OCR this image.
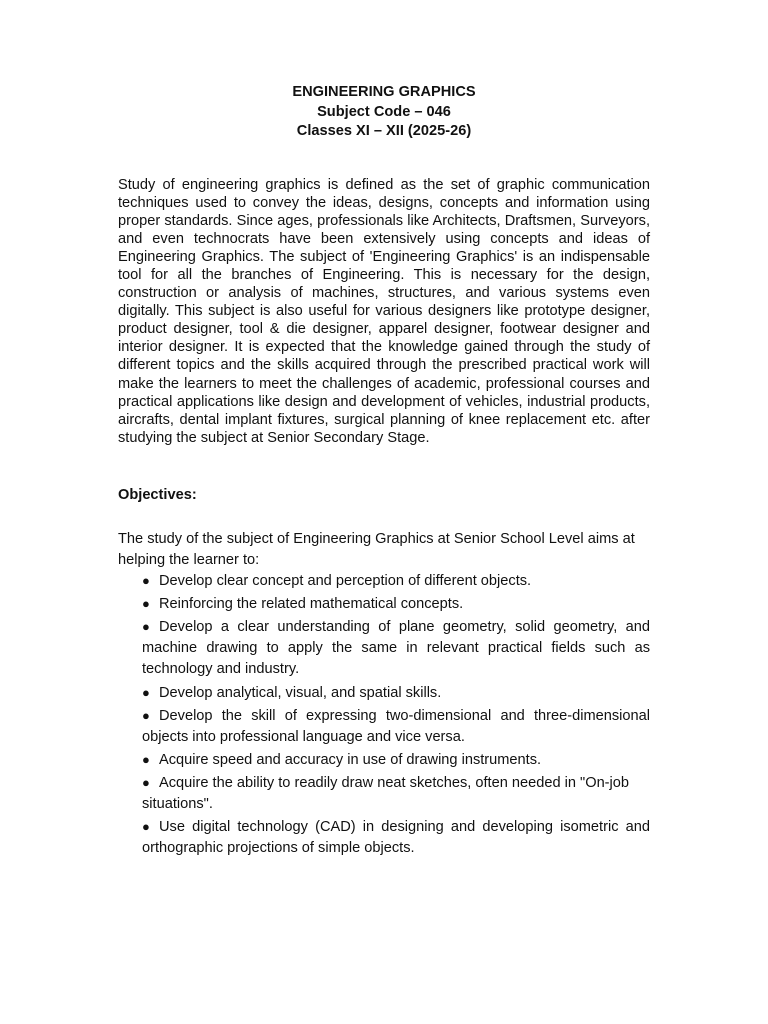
ENGINEERING GRAPHICS
Subject Code – 046
Classes XI – XII (2025-26)

Study of engineering graphics is defined as the set of graphic communication techniques used to convey the ideas, designs, concepts and information using proper standards. Since ages, professionals like Architects, Draftsmen, Surveyors, and even technocrats have been extensively using concepts and ideas of Engineering Graphics. The subject of 'Engineering Graphics' is an indispensable tool for all the branches of Engineering. This is necessary for the design, construction or analysis of machines, structures, and various systems even digitally. This subject is also useful for various designers like prototype designer, product designer, tool & die designer, apparel designer, footwear designer and interior designer. It is expected that the knowledge gained through the study of different topics and the skills acquired through the prescribed practical work will make the learners to meet the challenges of academic, professional courses and practical applications like design and development of vehicles, industrial products, aircrafts, dental implant fixtures, surgical planning of knee replacement etc. after studying the subject at Senior Secondary Stage.

Objectives:

The study of the subject of Engineering Graphics at Senior School Level aims at helping the learner to:

● Develop clear concept and perception of different objects.
● Reinforcing the related mathematical concepts.
● Develop a clear understanding of plane geometry, solid geometry, and machine drawing to apply the same in relevant practical fields such as technology and industry.
● Develop analytical, visual, and spatial skills.
● Develop the skill of expressing two-dimensional and three-dimensional objects into professional language and vice versa.
● Acquire speed and accuracy in use of drawing instruments.
● Acquire the ability to readily draw neat sketches, often needed in "On-job situations".
● Use digital technology (CAD) in designing and developing isometric and orthographic projections of simple objects.
